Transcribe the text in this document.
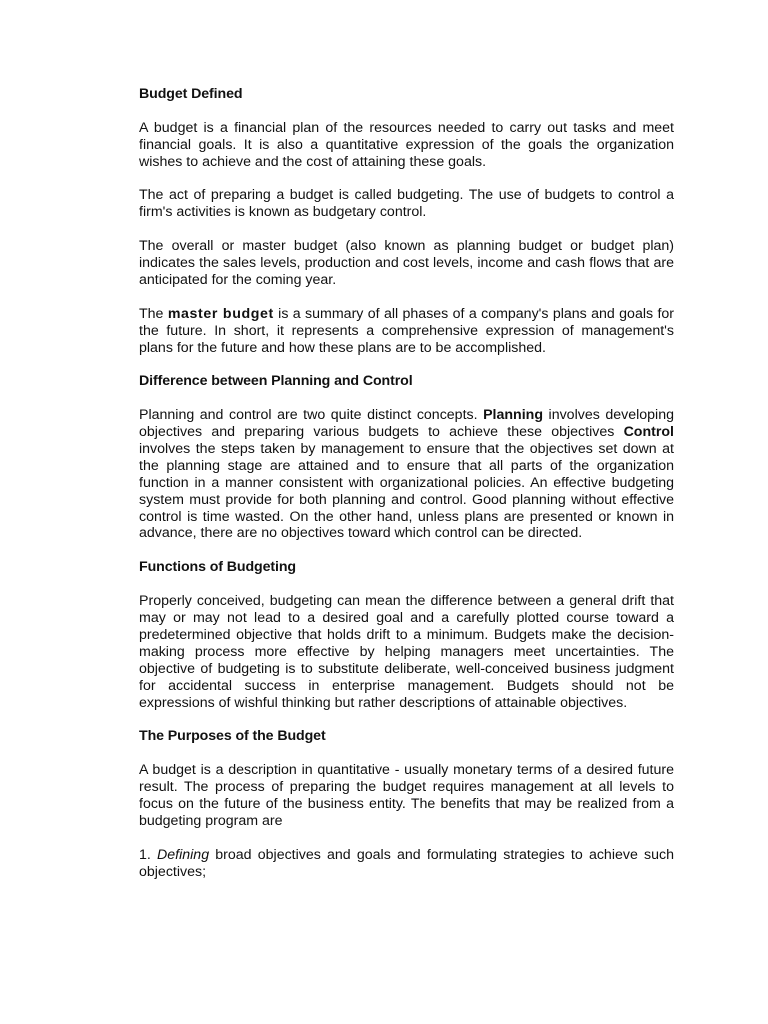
Budget Defined

A budget is a financial plan of the resources needed to carry out tasks and meet financial goals. It is also a quantitative expression of the goals the organization wishes to achieve and the cost of attaining these goals.

The act of preparing a budget is called budgeting. The use of budgets to control a firm's activities is known as budgetary control.

The overall or master budget (also known as planning budget or budget plan) indicates the sales levels, production and cost levels, income and cash flows that are anticipated for the coming year.

The master budget is a summary of all phases of a company's plans and goals for the future. In short, it represents a comprehensive expression of management's plans for the future and how these plans are to be accomplished.

Difference between Planning and Control

Planning and control are two quite distinct concepts. Planning involves developing objectives and preparing various budgets to achieve these objectives Control involves the steps taken by management to ensure that the objectives set down at the planning stage are attained and to ensure that all parts of the organization function in a manner consistent with organizational policies. An effective budgeting system must provide for both planning and control. Good planning without effective control is time wasted. On the other hand, unless plans are presented or known in advance, there are no objectives toward which control can be directed.

Functions of Budgeting

Properly conceived, budgeting can mean the difference between a general drift that may or may not lead to a desired goal and a carefully plotted course toward a predetermined objective that holds drift to a minimum. Budgets make the decision-making process more effective by helping managers meet uncertainties. The objective of budgeting is to substitute deliberate, well-conceived business judgment for accidental success in enterprise management. Budgets should not be expressions of wishful thinking but rather descriptions of attainable objectives.

The Purposes of the Budget

A budget is a description in quantitative - usually monetary terms of a desired future result. The process of preparing the budget requires management at all levels to focus on the future of the business entity. The benefits that may be realized from a budgeting program are

1. Defining broad objectives and goals and formulating strategies to achieve such objectives;
